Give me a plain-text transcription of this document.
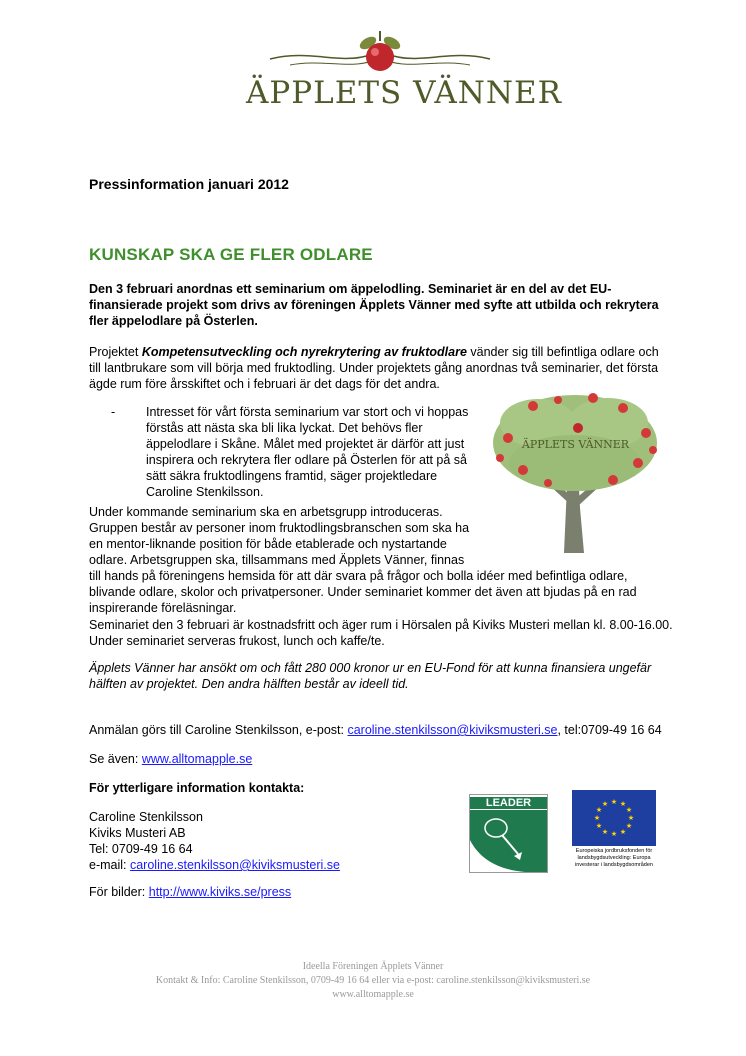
ÄPPLETS VÄNNER
Pressinformation januari 2012
KUNSKAP SKA GE FLER ODLARE
Den 3 februari anordnas ett seminarium om äppelodling. Seminariet är en del av det EU-
finansierade projekt som drivs av föreningen Äpplets Vänner med syfte att utbilda och rekrytera
fler äppelodlare på Österlen.
Projektet Kompetensutveckling och nyrekrytering av fruktodlare vänder sig till befintliga odlare och
till lantbrukare som vill börja med fruktodling. Under projektets gång anordnas två seminarier, det första
ägde rum före årsskiftet och i februari är det dags för det andra.
- Intresset för vårt första seminarium var stort och vi hoppas
förstås att nästa ska bli lika lyckat. Det behövs fler
äppelodlare i Skåne. Målet med projektet är därför att just
inspirera och rekrytera fler odlare på Österlen för att på så
sätt säkra fruktodlingens framtid, säger projektledare
Caroline Stenkilsson.
ÄPPLETS VÄNNER
Under kommande seminarium ska en arbetsgrupp introduceras.
Gruppen består av personer inom fruktodlingsbranschen som ska ha
en mentor-liknande position för både etablerade och nystartande
odlare. Arbetsgruppen ska, tillsammans med Äpplets Vänner, finnas
till hands på föreningens hemsida för att där svara på frågor och bolla idéer med befintliga odlare,
blivande odlare, skolor och privatpersoner. Under seminariet kommer det även att bjudas på en rad
inspirerande föreläsningar.
Seminariet den 3 februari är kostnadsfritt och äger rum i Hörsalen på Kiviks Musteri mellan kl. 8.00-16.00.
Under seminariet serveras frukost, lunch och kaffe/te.
Äpplets Vänner har ansökt om och fått 280 000 kronor ur en EU-Fond för att kunna finansiera ungefär
hälften av projektet. Den andra hälften består av ideell tid.
Anmälan görs till Caroline Stenkilsson, e-post: caroline.stenkilsson@kiviksmusteri.se, tel:0709-49 16 64
Se även: www.alltomapple.se
För ytterligare information kontakta:
Caroline Stenkilsson
Kiviks Musteri AB
Tel: 0709-49 16 64
e-mail: caroline.stenkilsson@kiviksmusteri.se
För bilder: http://www.kiviks.se/press
LEADER	★ ★
★
★
★
★
★
★
★
★
★
★
Europeiska jordbruksfonden för
landsbygdsutveckling: Europa
investerar i landsbygdsområden
Ideella Föreningen Äpplets Vänner
Kontakt & Info: Caroline Stenkilsson, 0709-49 16 64 eller via e-post: caroline.stenkilsson@kiviksmusteri.se
www.alltomapple.se
